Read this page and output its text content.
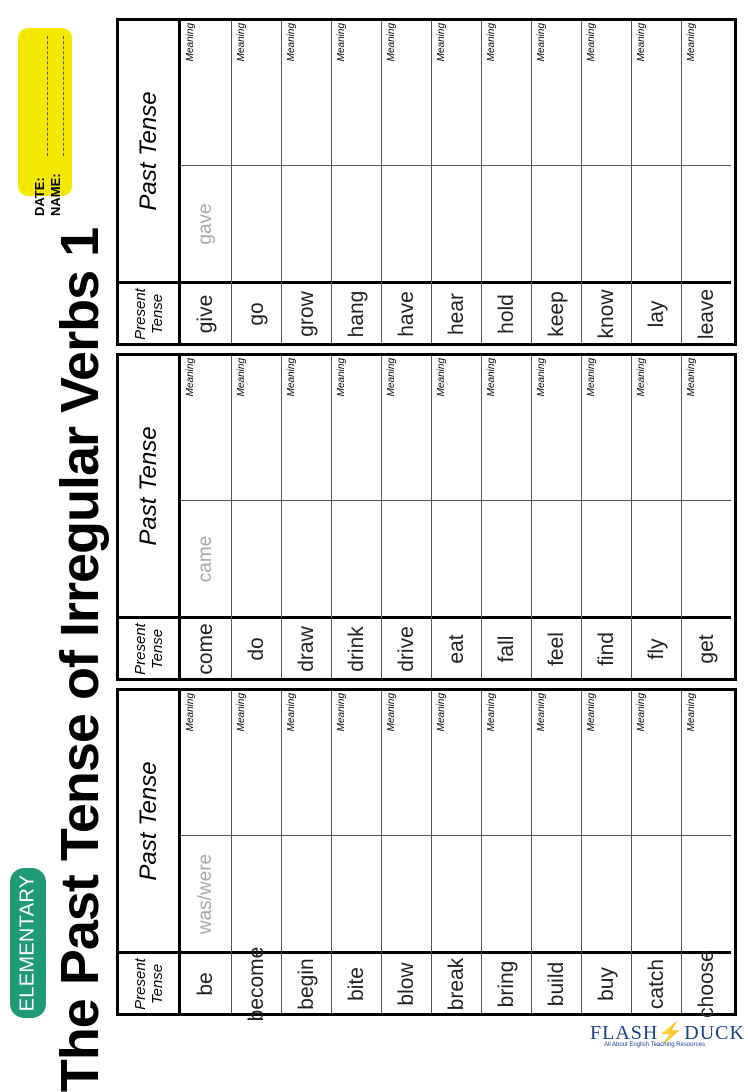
ELEMENTARY The Past Tense of Irregular Verbs 1
DATE: NAME:
Present
Tense
Past Tense
Meaning
was/were
be
Meaning
become
Meaning
begin
Meaning
bite
Meaning
blow
Meaning
break
Meaning
bring
Meaning
build
Meaning
buy
Meaning
catch
Meaning
choose
Present
Tense
Past Tense
Meaning
came
come
Meaning
do
Meaning
draw
Meaning
drink
Meaning
drive
Meaning
eat
Meaning
fall
Meaning
feel
Meaning
find
Meaning
fly
Meaning
get
Present
Tense
Past Tense
Meaning
gave
give
Meaning
go
Meaning
grow
Meaning
hang
Meaning
have
Meaning
hear
Meaning
hold
Meaning
keep
Meaning
know
Meaning
lay
Meaning
leave
FLASH⚡DUCK
All About English Teaching Resources
